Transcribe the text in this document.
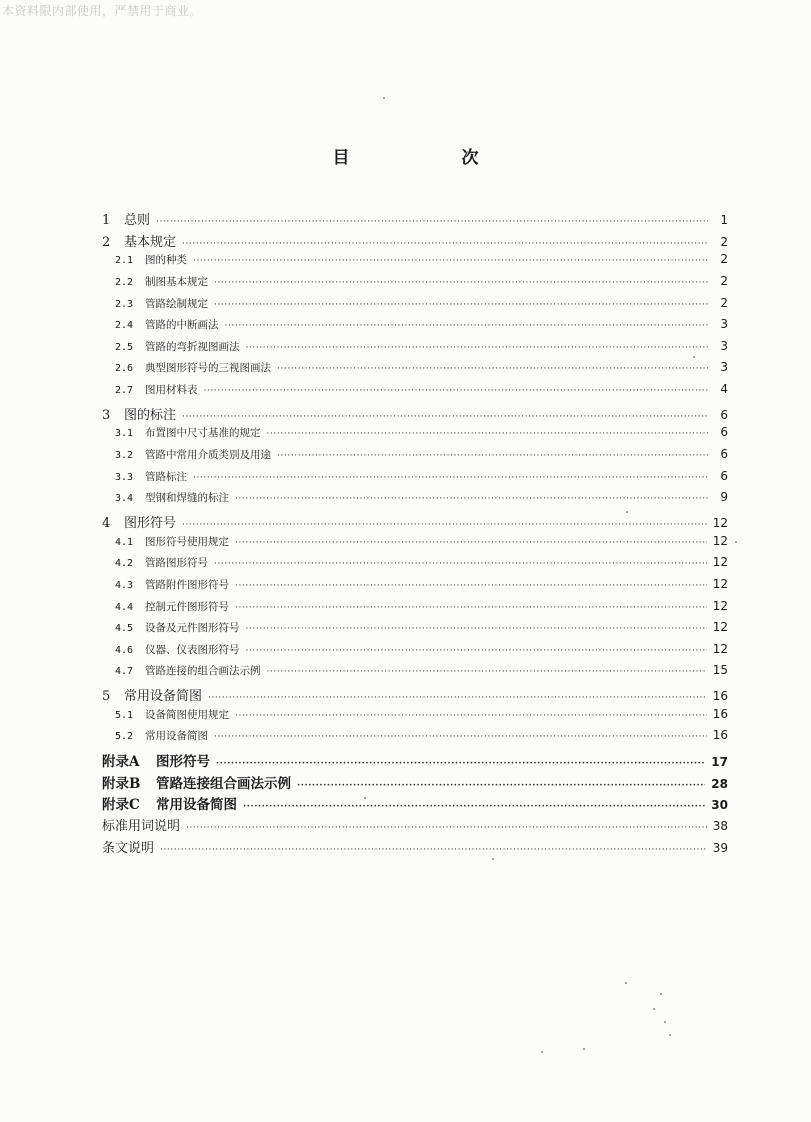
本资料限内部使用，严禁用于商业。
目　　次
1	总则 ·····	1
2	基本规定 ·····	2
2.1	图的种类 ·····	2
2.2	制图基本规定 ·····	2
2.3	管路绘制规定 ·····	2
2.4	管路的中断画法 ·····	3
2.5	管路的弯折视图画法 ·····	3
2.6	典型图形符号的三视图画法 ·····	3
2.7	图用材料表 ·····	4
3	图的标注 ·····	6
3.1	布置图中尺寸基准的规定 ·····	6
3.2	管路中常用介质类别及用途 ·····	6
3.3	管路标注 ·····	6
3.4	型钢和焊缝的标注 ·····	9
4	图形符号 ·····	12
4.1	图形符号使用规定 ·····	12
4.2	管路图形符号 ·····	12
4.3	管路附件图形符号 ·····	12
4.4	控制元件图形符号 ·····	12
4.5	设备及元件图形符号 ·····	12
4.6	仪器、仪表图形符号 ·····	12
4.7	管路连接的组合画法示例 ·····	15
5	常用设备简图 ·····	16
5.1	设备简图使用规定 ·····	16
5.2	常用设备简图 ·····	16
附录A	图形符号 ·····	17
附录B	管路连接组合画法示例 ·····	28
附录C	常用设备简图 ·····	30
标准用词说明 ·····	38
条文说明 ·····	39
